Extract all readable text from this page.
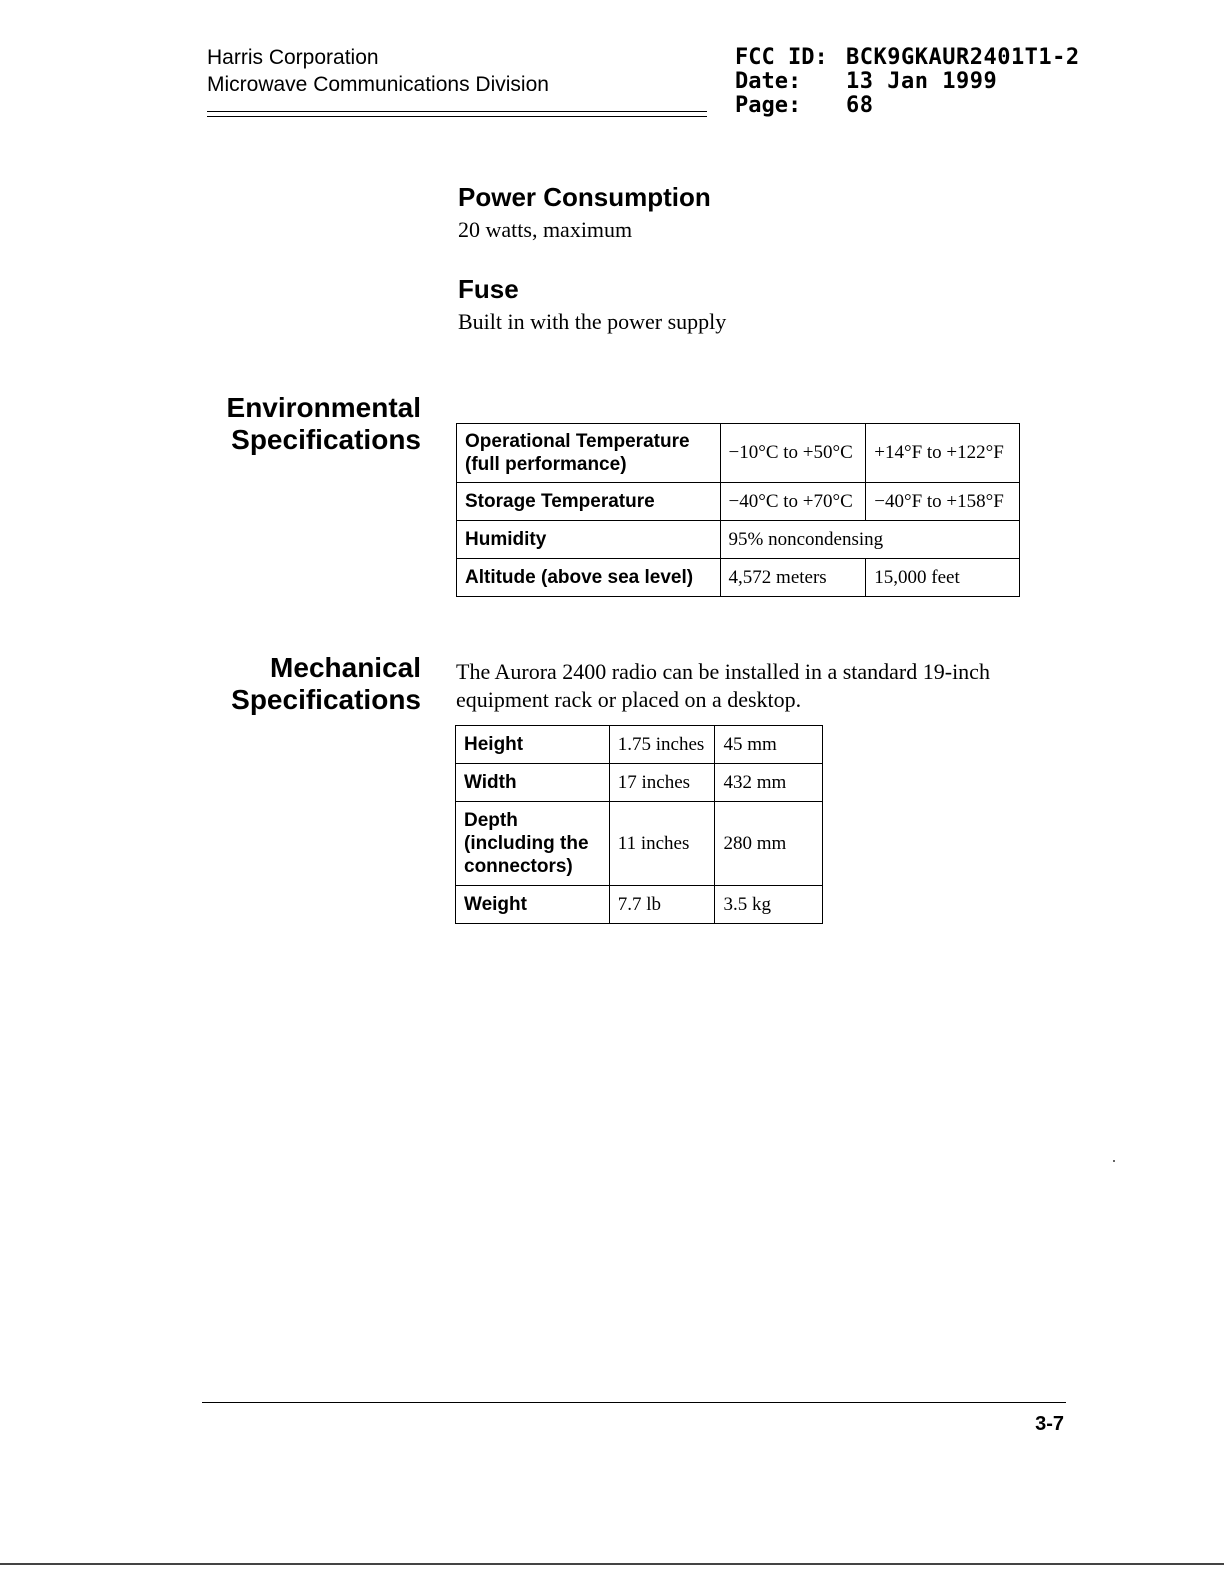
Harris Corporation
Microwave Communications Division
FCC ID:
Date:
Page:
BCK9GKAUR2401T1-2
13 Jan 1999
68
Power Consumption
20 watts, maximum
Fuse
Built in with the power supply
Environmental
Specifications Operational Temperature (full performance)	−10°C to +50°C	+14°F to +122°F
Storage Temperature	−40°C to +70°C	−40°F to +158°F
Humidity	95% noncondensing	
Altitude (above sea level)	4,572 meters	15,000 feet
Mechanical
Specifications
The Aurora 2400 radio can be installed in a standard 19-inch equipment rack or placed on a desktop.
Height	1.75 inches	45 mm
Width	17 inches	432 mm
Depth (including the connectors)	11 inches	280 mm
Weight	7.7 lb	3.5 kg
3-7
